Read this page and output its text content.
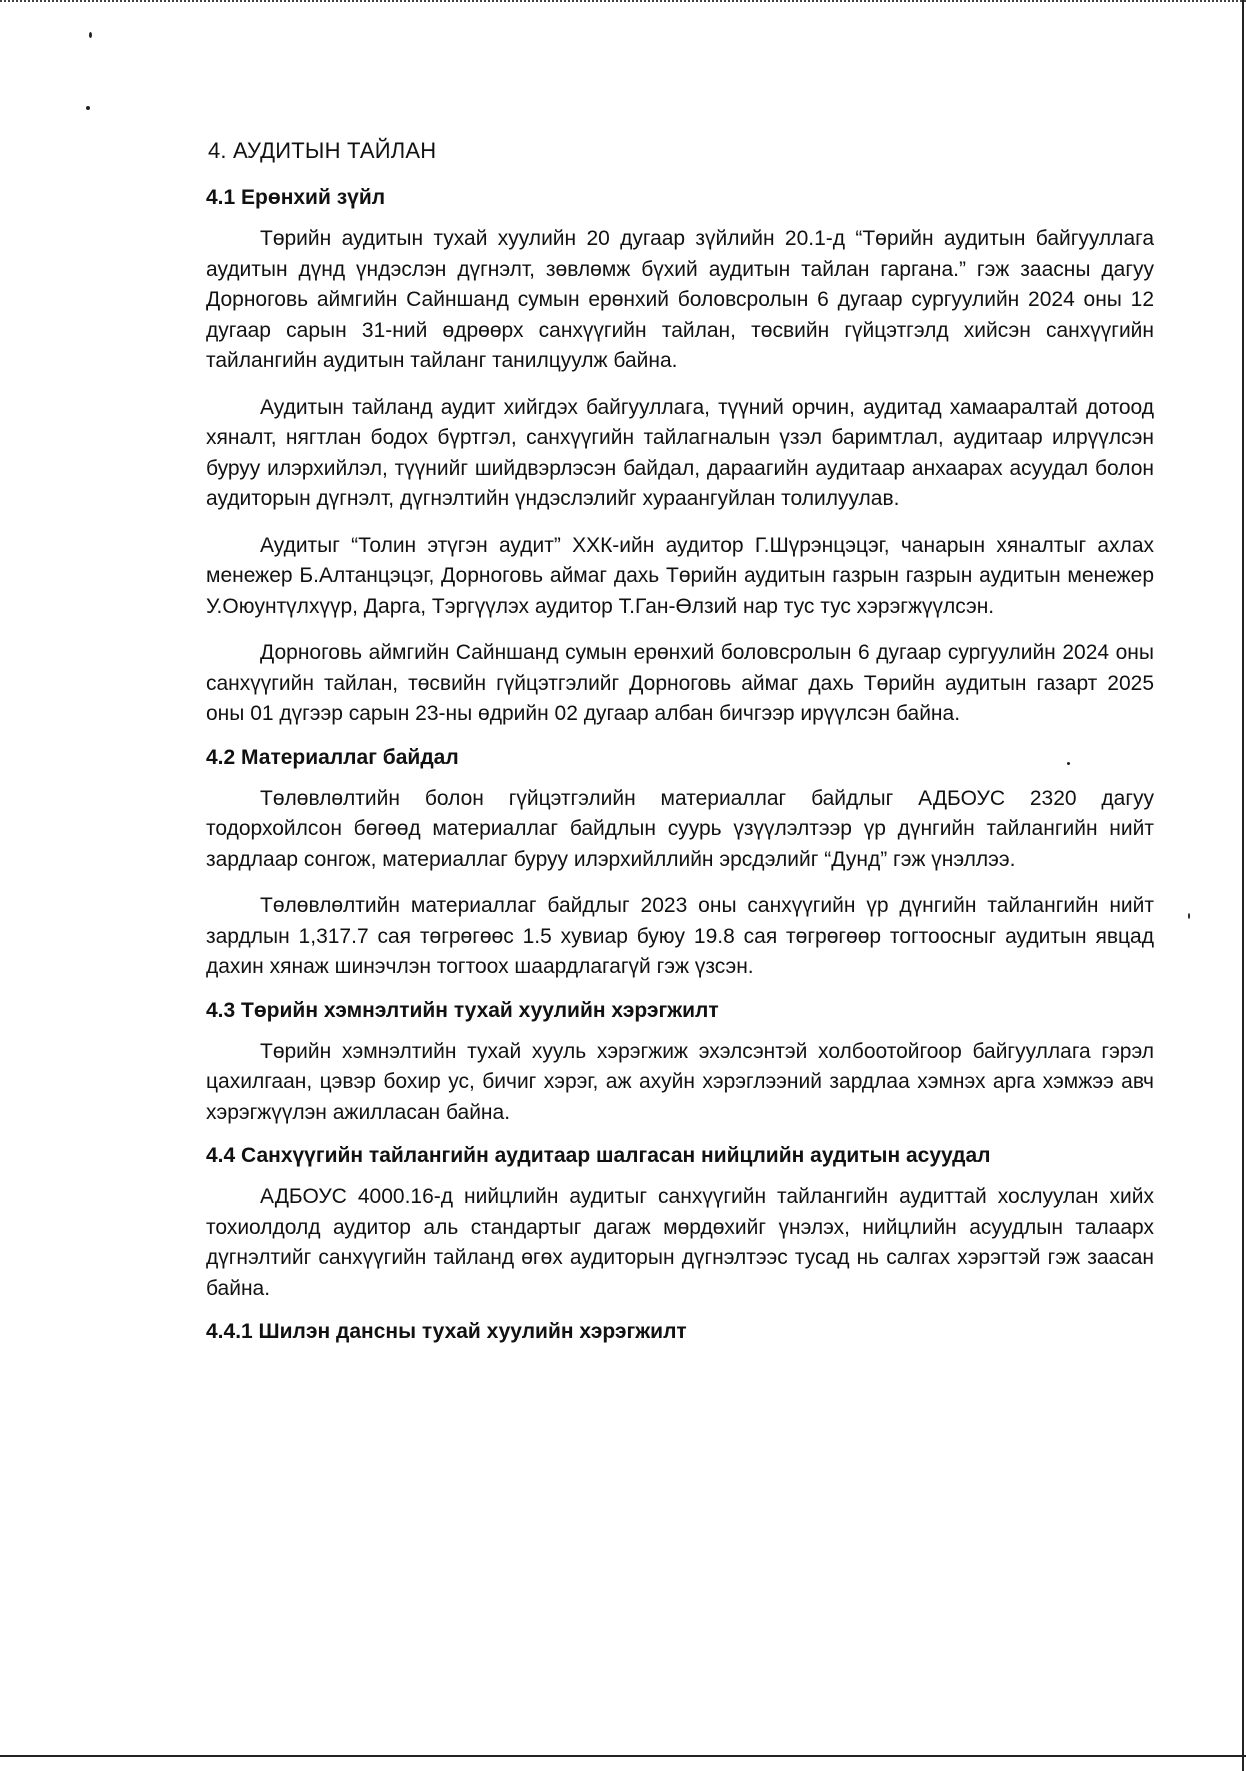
4. АУДИТЫН ТАЙЛАН
4.1 Ерөнхий зүйл

Төрийн аудитын тухай хуулийн 20 дугаар зүйлийн 20.1-д “Төрийн аудитын байгууллага аудитын дүнд үндэслэн дүгнэлт, зөвлөмж бүхий аудитын тайлан гаргана.” гэж заасны дагуу Дорноговь аймгийн Сайншанд сумын ерөнхий боловсролын 6 дугаар сургуулийн 2024 оны 12 дугаар сарын 31-ний өдрөөрх санхүүгийн тайлан, төсвийн гүйцэтгэлд хийсэн санхүүгийн тайлангийн аудитын тайланг танилцуулж байна.

Аудитын тайланд аудит хийгдэх байгууллага, түүний орчин, аудитад хамааралтай дотоод хяналт, нягтлан бодох бүртгэл, санхүүгийн тайлагналын үзэл баримтлал, аудитаар илрүүлсэн буруу илэрхийлэл, түүнийг шийдвэрлэсэн байдал, дараагийн аудитаар анхаарах асуудал болон аудиторын дүгнэлт, дүгнэлтийн үндэслэлийг хураангуйлан толилуулав.

Аудитыг “Толин этүгэн аудит” ХХК-ийн аудитор Г.Шүрэнцэцэг, чанарын хяналтыг ахлах менежер Б.Алтанцэцэг, Дорноговь аймаг дахь Төрийн аудитын газрын газрын аудитын менежер У.Оюунтүлхүүр, Дарга, Тэргүүлэх аудитор Т.Ган-Өлзий нар тус тус хэрэгжүүлсэн.

Дорноговь аймгийн Сайншанд сумын ерөнхий боловсролын 6 дугаар сургуулийн 2024 оны санхүүгийн тайлан, төсвийн гүйцэтгэлийг Дорноговь аймаг дахь Төрийн аудитын газарт 2025 оны 01 дүгээр сарын 23-ны өдрийн 02 дугаар албан бичгээр ирүүлсэн байна.

4.2 Материаллаг байдал

Төлөвлөлтийн болон гүйцэтгэлийн материаллаг байдлыг АДБОУС 2320 дагуу тодорхойлсон бөгөөд материаллаг байдлын суурь үзүүлэлтээр үр дүнгийн тайлангийн нийт зардлаар сонгож, материаллаг буруу илэрхийллийн эрсдэлийг “Дунд” гэж үнэллээ.

Төлөвлөлтийн материаллаг байдлыг 2023 оны санхүүгийн үр дүнгийн тайлангийн нийт зардлын 1,317.7 сая төгрөгөөс 1.5 хувиар буюу 19.8 сая төгрөгөөр тогтоосныг аудитын явцад дахин хянаж шинэчлэн тогтоох шаардлагагүй гэж үзсэн.

4.3 Төрийн хэмнэлтийн тухай хуулийн хэрэгжилт

Төрийн хэмнэлтийн тухай хууль хэрэгжиж эхэлсэнтэй холбоотойгоор байгууллага гэрэл цахилгаан, цэвэр бохир ус, бичиг хэрэг, аж ахуйн хэрэглээний зардлаа хэмнэх арга хэмжээ авч хэрэгжүүлэн ажилласан байна.

4.4 Санхүүгийн тайлангийн аудитаар шалгасан нийцлийн аудитын асуудал

АДБОУС 4000.16-д нийцлийн аудитыг санхүүгийн тайлангийн аудиттай хослуулан хийх тохиолдолд аудитор аль стандартыг дагаж мөрдөхийг үнэлэх, нийцлийн асуудлын талаарх дүгнэлтийг санхүүгийн тайланд өгөх аудиторын дүгнэлтээс тусад нь салгах хэрэгтэй гэж заасан байна.

4.4.1 Шилэн дансны тухай хуулийн хэрэгжилт
